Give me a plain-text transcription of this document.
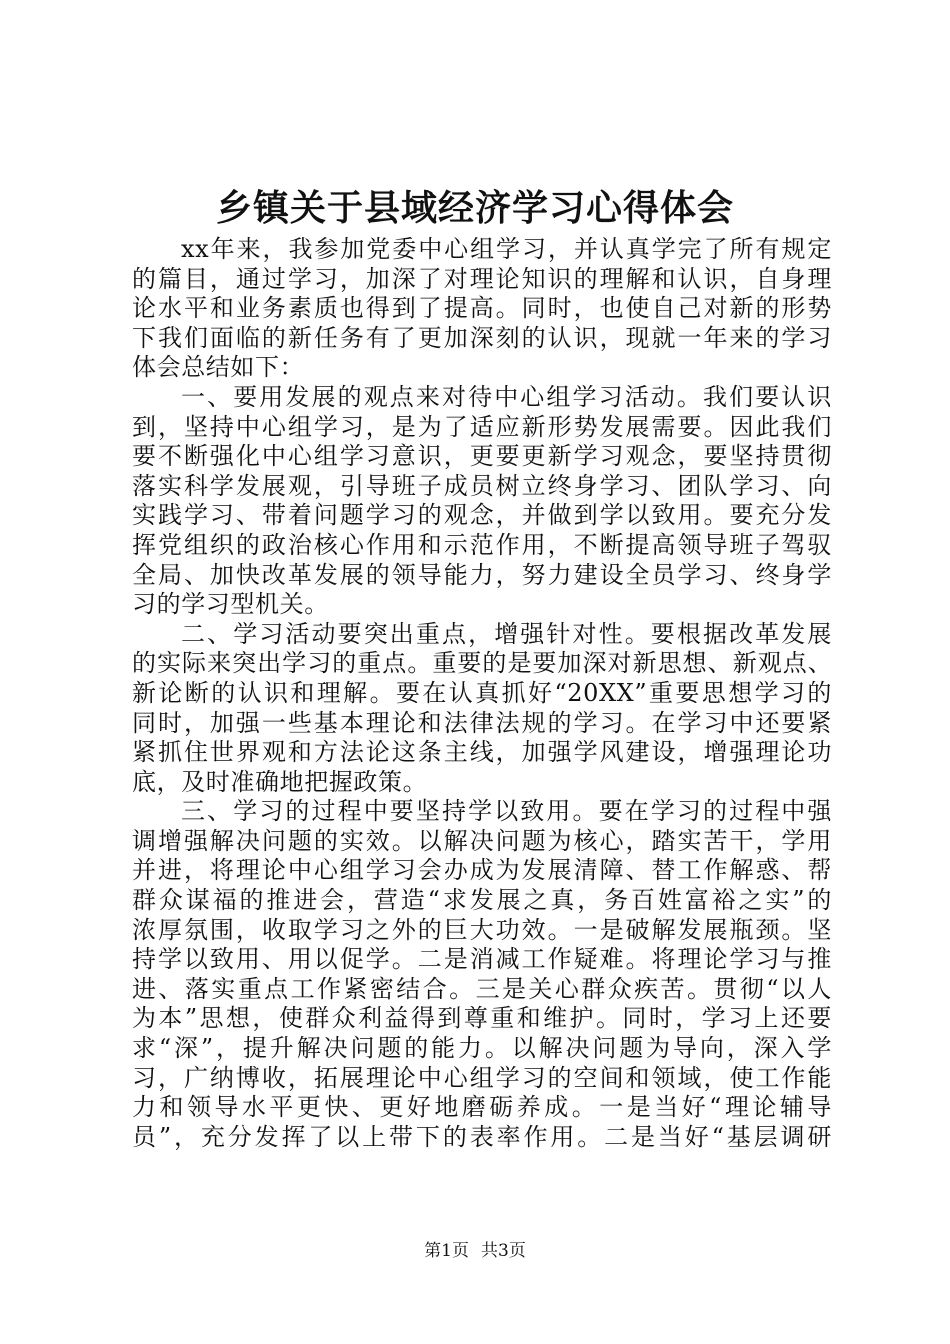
乡镇关于县域经济学习心得体会
xx年来，我参加党委中心组学习，并认真学完了所有规定
的篇目，通过学习，加深了对理论知识的理解和认识，自身理
论水平和业务素质也得到了提高。同时，也使自己对新的形势
下我们面临的新任务有了更加深刻的认识，现就一年来的学习
体会总结如下：
一、要用发展的观点来对待中心组学习活动。我们要认识
到，坚持中心组学习，是为了适应新形势发展需要。因此我们
要不断强化中心组学习意识，更要更新学习观念，要坚持贯彻
落实科学发展观，引导班子成员树立终身学习、团队学习、向
实践学习、带着问题学习的观念，并做到学以致用。要充分发
挥党组织的政治核心作用和示范作用，不断提高领导班子驾驭
全局、加快改革发展的领导能力，努力建设全员学习、终身学
习的学习型机关。
二、学习活动要突出重点，增强针对性。要根据改革发展
的实际来突出学习的重点。重要的是要加深对新思想、新观点、
新论断的认识和理解。要在认真抓好“20XX”重要思想学习的
同时，加强一些基本理论和法律法规的学习。在学习中还要紧
紧抓住世界观和方法论这条主线，加强学风建设，增强理论功
底，及时准确地把握政策。
三、学习的过程中要坚持学以致用。要在学习的过程中强
调增强解决问题的实效。以解决问题为核心，踏实苦干，学用
并进，将理论中心组学习会办成为发展清障、替工作解惑、帮
群众谋福的推进会，营造“求发展之真，务百姓富裕之实”的
浓厚氛围，收取学习之外的巨大功效。一是破解发展瓶颈。坚
持学以致用、用以促学。二是消减工作疑难。将理论学习与推
进、落实重点工作紧密结合。三是关心群众疾苦。贯彻“以人
为本”思想，使群众利益得到尊重和维护。同时，学习上还要
求“深”，提升解决问题的能力。以解决问题为导向，深入学
习，广纳博收，拓展理论中心组学习的空间和领域，使工作能
力和领导水平更快、更好地磨砺养成。一是当好“理论辅导
员”，充分发挥了以上带下的表率作用。二是当好“基层调研
第1页 共3页
